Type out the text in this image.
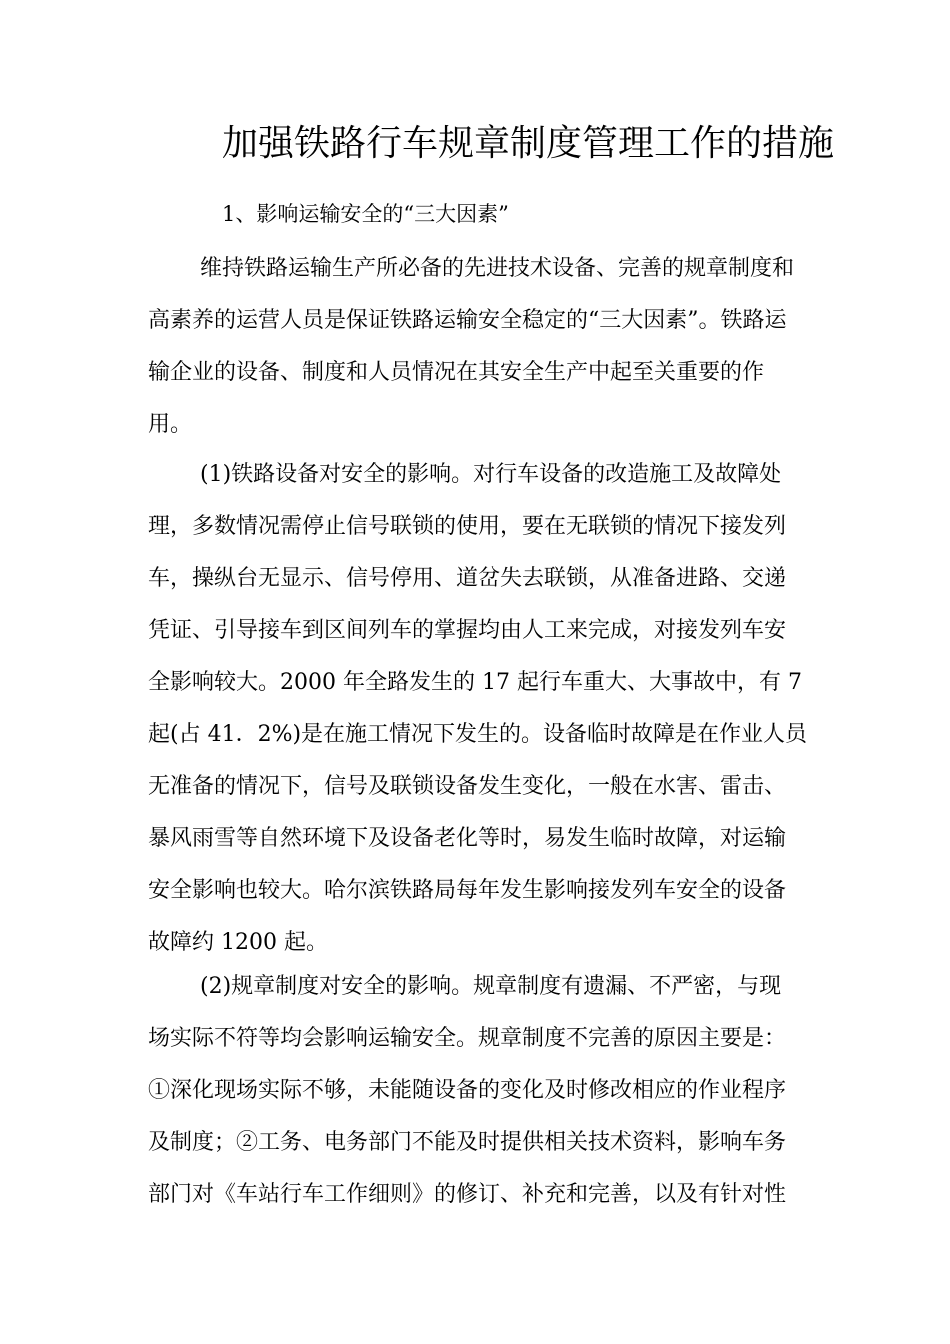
加强铁路行车规章制度管理工作的措施
1、影响运输安全的“三大因素”
维持铁路运输生产所必备的先进技术设备、完善的规章制度和
高素养的运营人员是保证铁路运输安全稳定的“三大因素”。铁路运
输企业的设备、制度和人员情况在其安全生产中起至关重要的作
用。
(1)铁路设备对安全的影响。对行车设备的改造施工及故障处
理，多数情况需停止信号联锁的使用，要在无联锁的情况下接发列
车，操纵台无显示、信号停用、道岔失去联锁，从准备进路、交递
凭证、引导接车到区间列车的掌握均由人工来完成，对接发列车安
全影响较大。2000 年全路发生的 17 起行车重大、大事故中，有 7
起(占 41．2%)是在施工情况下发生的。设备临时故障是在作业人员
无准备的情况下，信号及联锁设备发生变化，一般在水害、雷击、
暴风雨雪等自然环境下及设备老化等时，易发生临时故障，对运输
安全影响也较大。哈尔滨铁路局每年发生影响接发列车安全的设备
故障约 1200 起。
(2)规章制度对安全的影响。规章制度有遗漏、不严密，与现
场实际不符等均会影响运输安全。规章制度不完善的原因主要是：
①深化现场实际不够，未能随设备的变化及时修改相应的作业程序
及制度；②工务、电务部门不能及时提供相关技术资料，影响车务
部门对《车站行车工作细则》的修订、补充和完善，以及有针对性
